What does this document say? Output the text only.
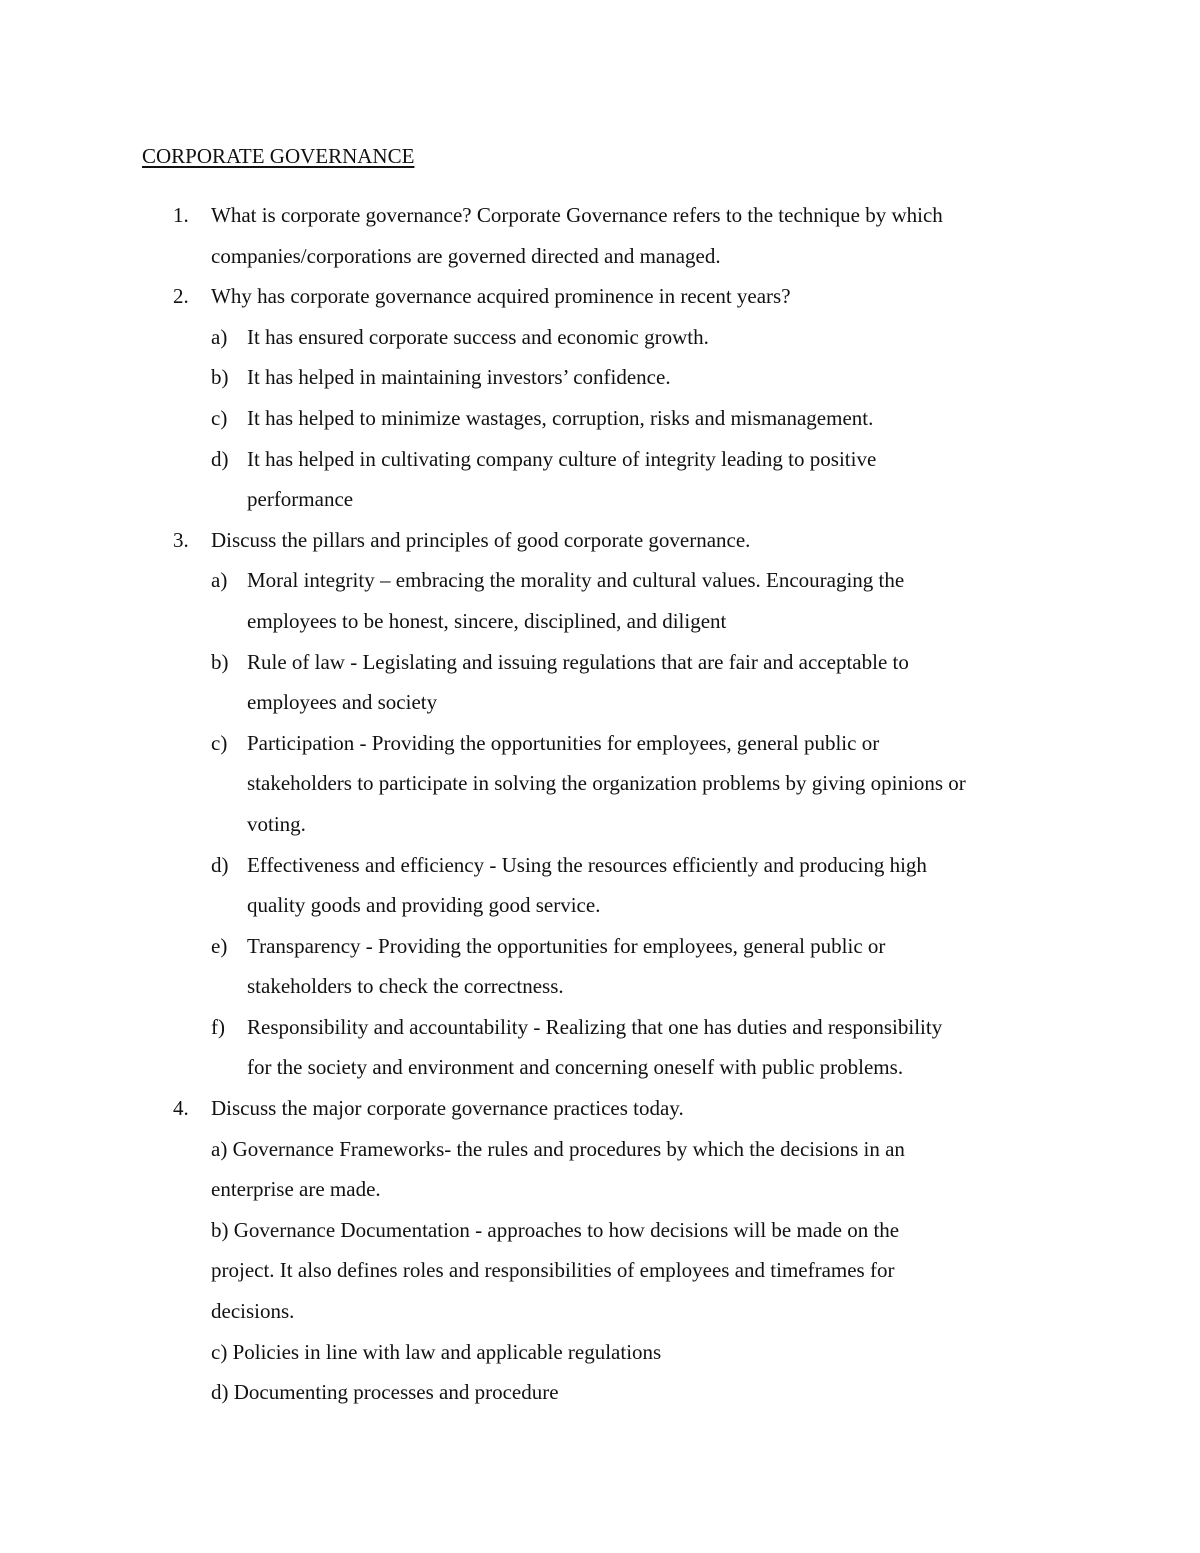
CORPORATE GOVERNANCE
1. What is corporate governance? Corporate Governance refers to the technique by which
companies/corporations are governed directed and managed.
2. Why has corporate governance acquired prominence in recent years?
a) It has ensured corporate success and economic growth.
b) It has helped in maintaining investors’ confidence.
c) It has helped to minimize wastages, corruption, risks and mismanagement.
d) It has helped in cultivating company culture of integrity leading to positive
performance
3. Discuss the pillars and principles of good corporate governance.
a) Moral integrity – embracing the morality and cultural values. Encouraging the
employees to be honest, sincere, disciplined, and diligent
b) Rule of law - Legislating and issuing regulations that are fair and acceptable to
employees and society
c) Participation - Providing the opportunities for employees, general public or
stakeholders to participate in solving the organization problems by giving opinions or
voting.
d) Effectiveness and efficiency - Using the resources efficiently and producing high
quality goods and providing good service.
e) Transparency - Providing the opportunities for employees, general public or
stakeholders to check the correctness.
f) Responsibility and accountability - Realizing that one has duties and responsibility
for the society and environment and concerning oneself with public problems.
4. Discuss the major corporate governance practices today.
a) Governance Frameworks- the rules and procedures by which the decisions in an
enterprise are made.
b) Governance Documentation - approaches to how decisions will be made on the
project. It also defines roles and responsibilities of employees and timeframes for
decisions.
c) Policies in line with law and applicable regulations
d) Documenting processes and procedure
